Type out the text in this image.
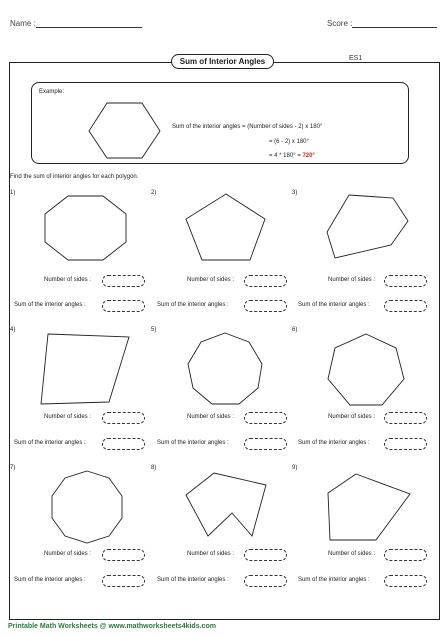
Name :	Score :
Sum of Interior Angles	ES1
Example:
Sum of the interior angles = (Number of sides - 2) x 180°
= (6 - 2) x 180°
= 4 * 180° = 720°
Find the sum of interior angles for each polygon.
1)	2)	3)
Number of sides :	Number of sides :	Number of sides :
Sum of the interior angles :	Sum of the interior angles :	Sum of the interior angles :
4)	5)	6)
Number of sides :	Number of sides :	Number of sides :
Sum of the interior angles :	Sum of the interior angles :	Sum of the interior angles :
7)	8)	9)
Number of sides :	Number of sides :	Number of sides :
Sum of the interior angles :	Sum of the interior angles :	Sum of the interior angles :
Printable Math Worksheets @ www.mathworksheets4kids.com
